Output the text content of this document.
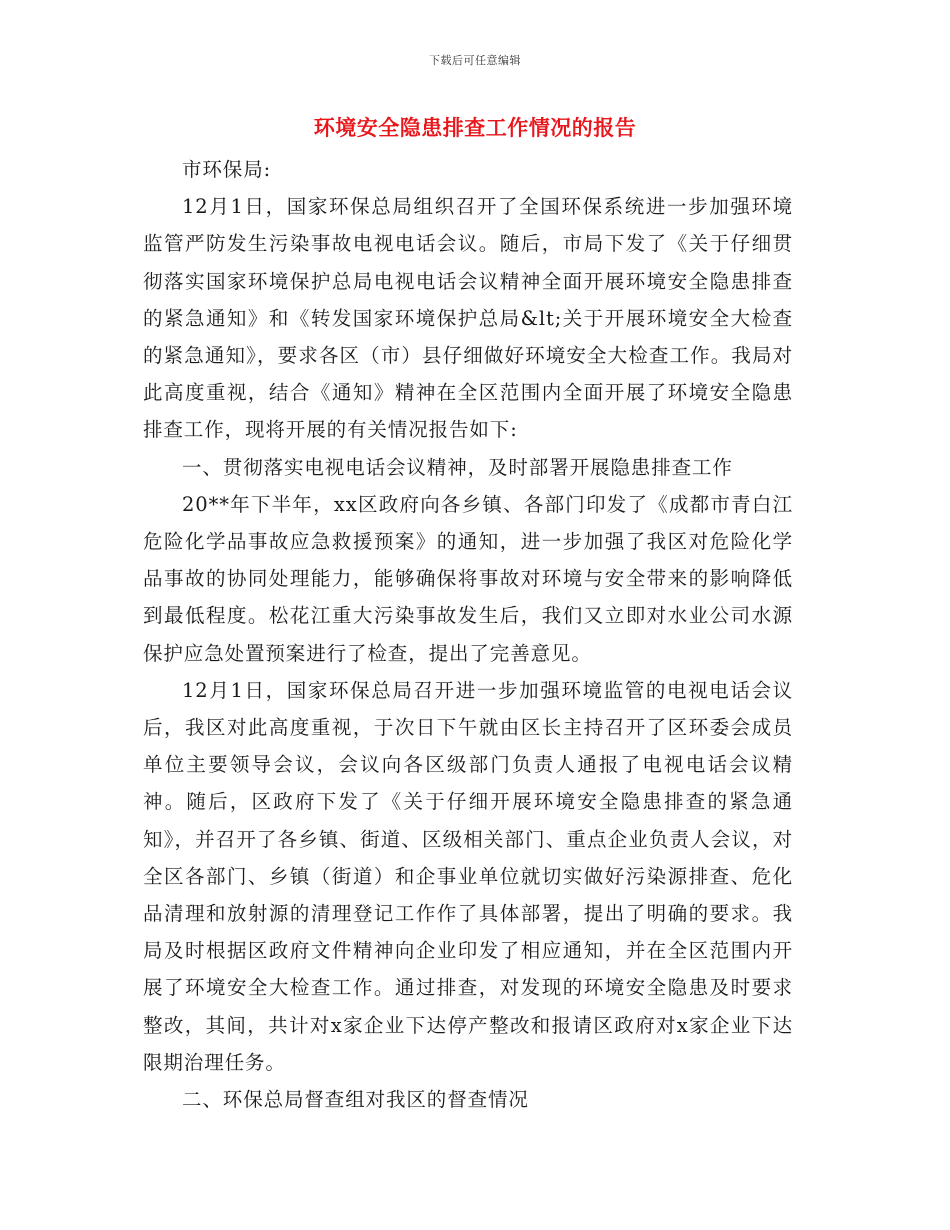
下载后可任意编辑
环境安全隐患排查工作情况的报告

市环保局:

12月1日，国家环保总局组织召开了全国环保系统进一步加强环境监管严防发生污染事故电视电话会议。随后，市局下发了《关于仔细贯彻落实国家环境保护总局电视电话会议精神全面开展环境安全隐患排查的紧急通知》和《转发国家环境保护总局&lt;关于开展环境安全大检查的紧急通知》，要求各区（市）县仔细做好环境安全大检查工作。我局对此高度重视，结合《通知》精神在全区范围内全面开展了环境安全隐患排查工作，现将开展的有关情况报告如下:

一、贯彻落实电视电话会议精神，及时部署开展隐患排查工作

20**年下半年，xx区政府向各乡镇、各部门印发了《成都市青白江危险化学品事故应急救援预案》的通知，进一步加强了我区对危险化学品事故的协同处理能力，能够确保将事故对环境与安全带来的影响降低到最低程度。松花江重大污染事故发生后，我们又立即对水业公司水源保护应急处置预案进行了检查，提出了完善意见。

12月1日，国家环保总局召开进一步加强环境监管的电视电话会议后，我区对此高度重视，于次日下午就由区长主持召开了区环委会成员单位主要领导会议，会议向各区级部门负责人通报了电视电话会议精神。随后，区政府下发了《关于仔细开展环境安全隐患排查的紧急通知》，并召开了各乡镇、街道、区级相关部门、重点企业负责人会议，对全区各部门、乡镇（街道）和企事业单位就切实做好污染源排查、危化品清理和放射源的清理登记工作作了具体部署，提出了明确的要求。我局及时根据区政府文件精神向企业印发了相应通知，并在全区范围内开展了环境安全大检查工作。通过排查，对发现的环境安全隐患及时要求整改，其间，共计对x家企业下达停产整改和报请区政府对x家企业下达限期治理任务。

二、环保总局督查组对我区的督查情况
